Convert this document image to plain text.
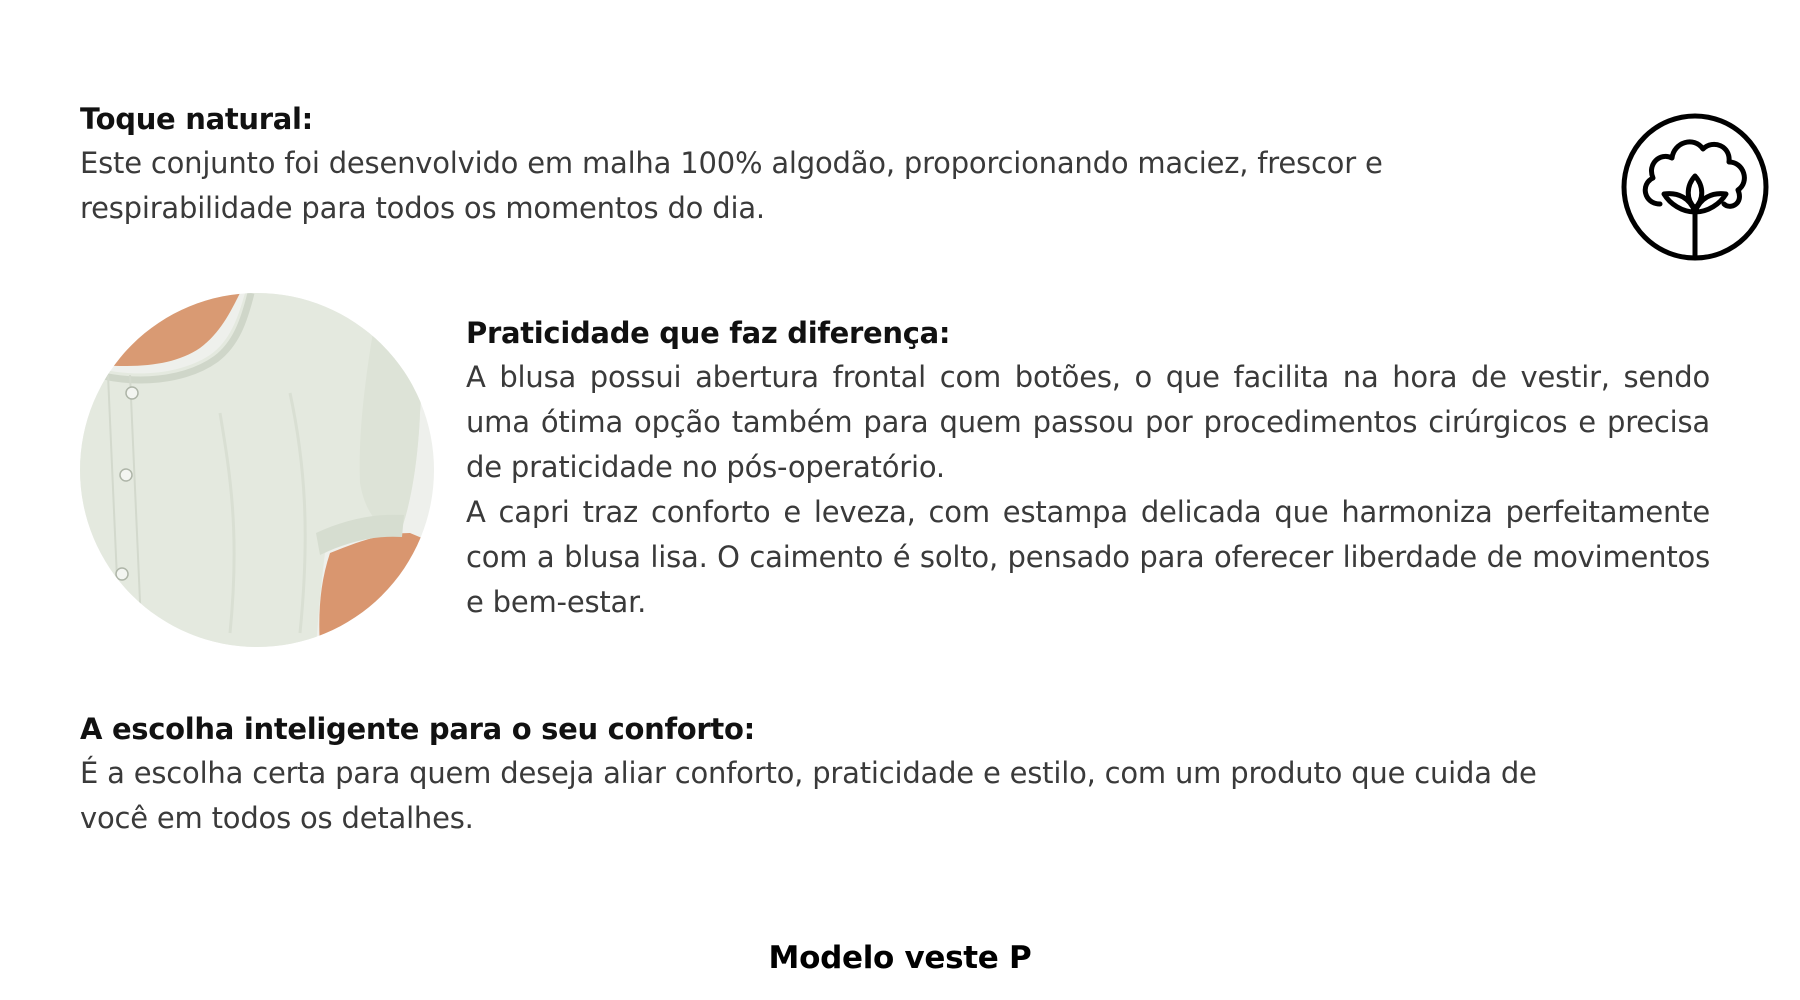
Toque natural:

Este conjunto foi desenvolvido em malha 100% algodão, proporcionando maciez, frescor e respirabilidade para todos os momentos do dia.

Praticidade que faz diferença:

A blusa possui abertura frontal com botões, o que facilita na hora de vestir, sendo uma ótima opção também para quem passou por procedimentos cirúrgicos e precisa de praticidade no pós-operatório.

A capri traz conforto e leveza, com estampa delicada que harmoniza perfeitamente com a blusa lisa. O caimento é solto, pensado para oferecer liberdade de movimentos e bem-estar.

A escolha inteligente para o seu conforto:

É a escolha certa para quem deseja aliar conforto, praticidade e estilo, com um produto que cuida de você em todos os detalhes.

Modelo veste P
